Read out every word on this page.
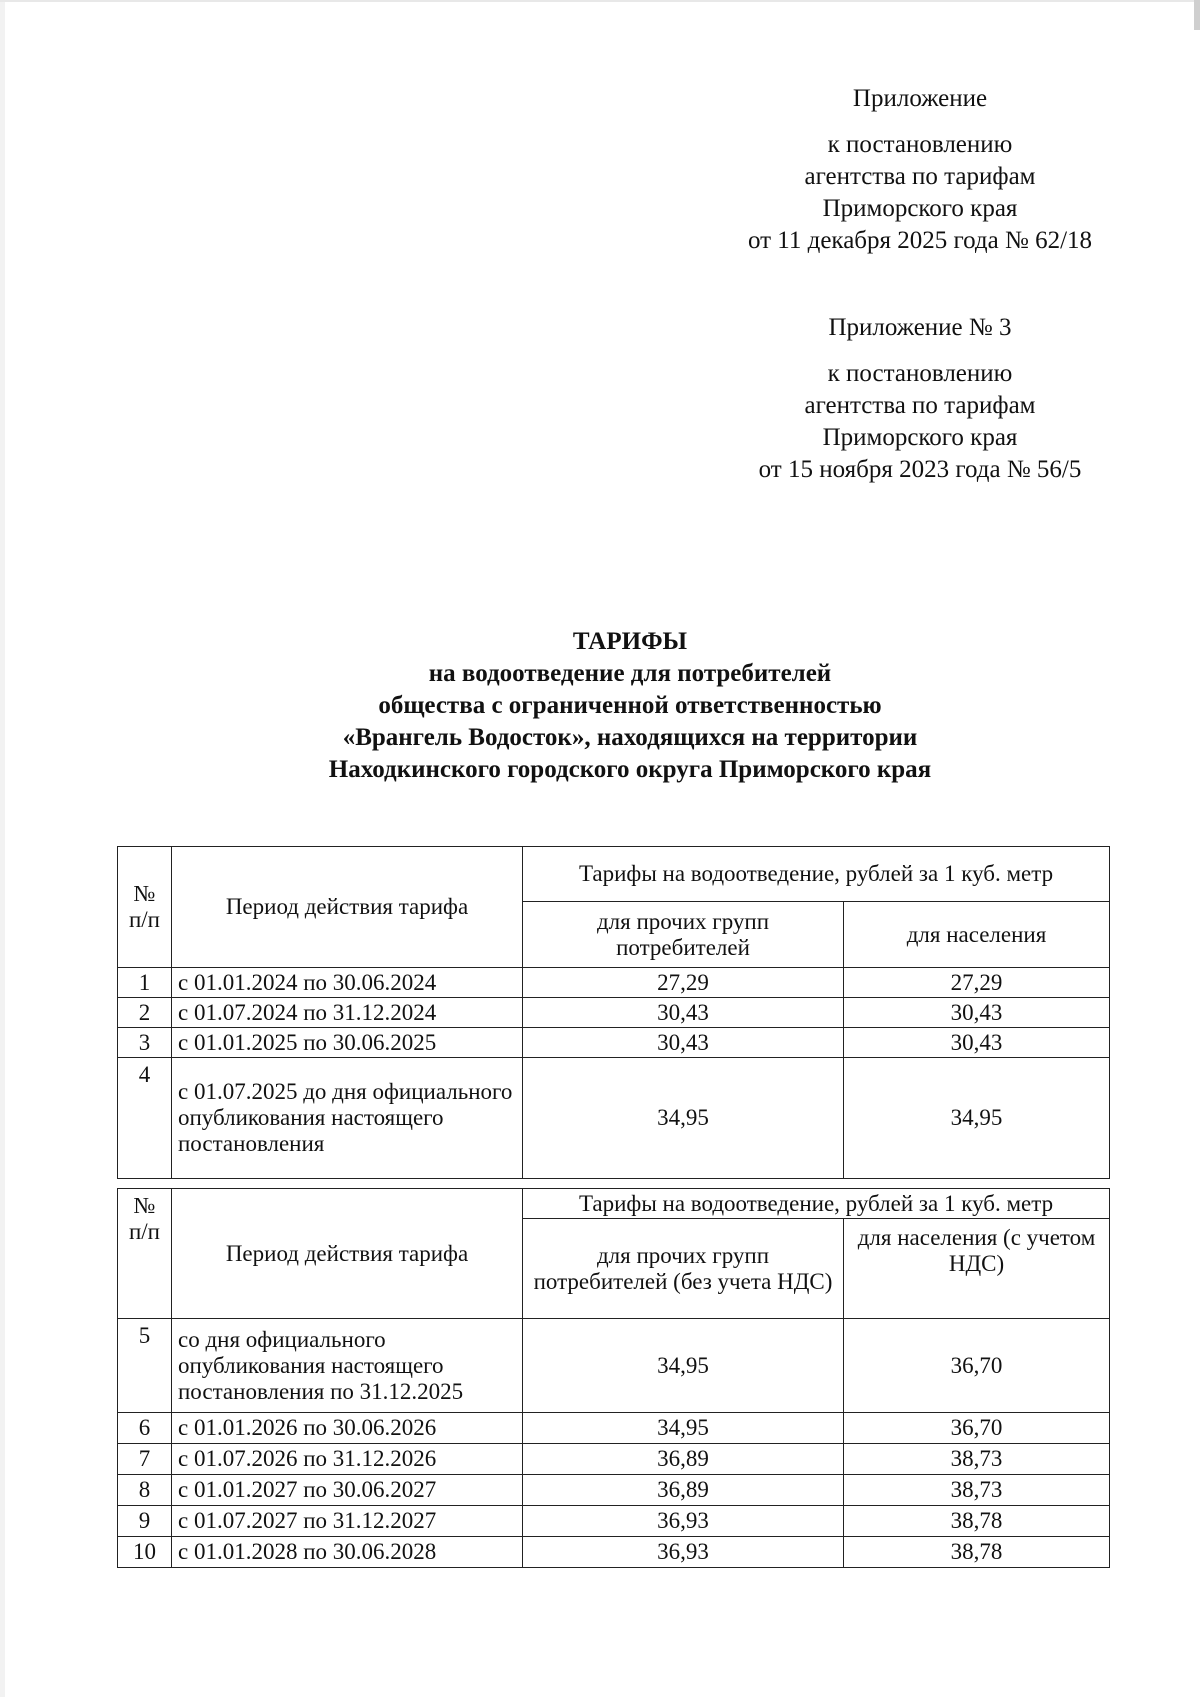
Приложение
к постановлению
агентства по тарифам
Приморского края
от 11 декабря 2025 года № 62/18
Приложение № 3
к постановлению
агентства по тарифам
Приморского края
от 15 ноября 2023 года № 56/5
ТАРИФЫ
на водоотведение для потребителей
общества с ограниченной ответственностью
«Врангель Водосток», находящихся на территории
Находкинского городского округа Приморского края
№ п/п	Период действия тарифа	Тарифы на водоотведение, рублей за 1 куб. метр	
		для прочих групп потребителей	для населения
1	с 01.01.2024 по 30.06.2024	27,29	27,29
2	с 01.07.2024 по 31.12.2024	30,43	30,43
3	с 01.01.2025 по 30.06.2025	30,43	30,43
4	с 01.07.2025 до дня официального опубликования настоящего постановления	34,95	34,95
№ п/п	Период действия тарифа	Тарифы на водоотведение, рублей за 1 куб. метр	
		для прочих групп потребителей (без учета НДС)	для населения (с учетом НДС)
5	со дня официального опубликования настоящего постановления по 31.12.2025	34,95	36,70
6	с 01.01.2026 по 30.06.2026	34,95	36,70
7	с 01.07.2026 по 31.12.2026	36,89	38,73
8	с 01.01.2027 по 30.06.2027	36,89	38,73
9	с 01.07.2027 по 31.12.2027	36,93	38,78
10	с 01.01.2028 по 30.06.2028	36,93	38,78
